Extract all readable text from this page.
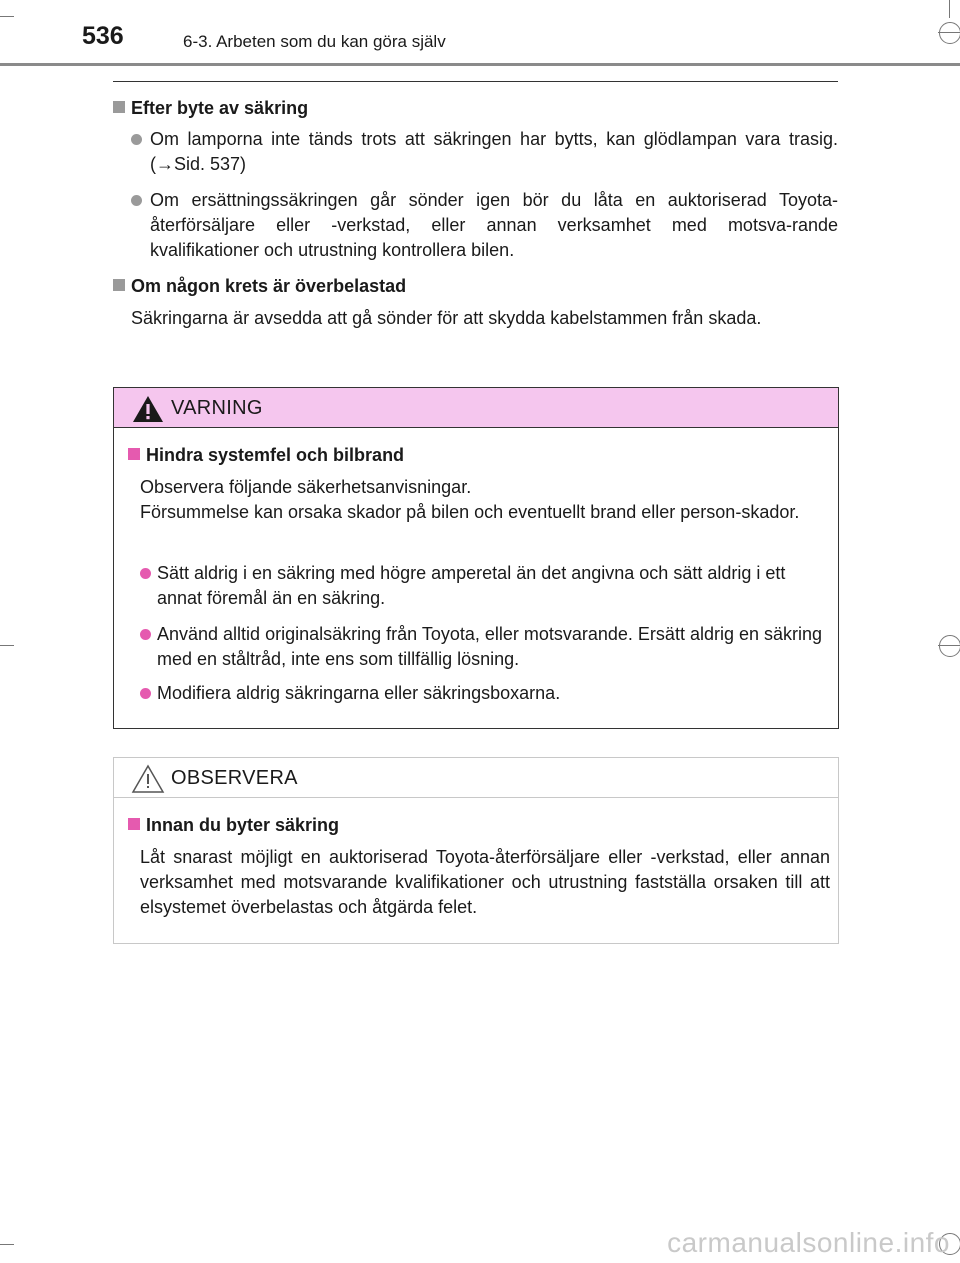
536	6-3. Arbeten som du kan göra själv
Efter byte av säkring
Om lamporna inte tänds trots att säkringen har bytts, kan glödlampan vara trasig. (→Sid. 537)
Om ersättningssäkringen går sönder igen bör du låta en auktoriserad Toyota-återförsäljare eller -verkstad, eller annan verksamhet med motsva-rande kvalifikationer och utrustning kontrollera bilen.
Om någon krets är överbelastad
Säkringarna är avsedda att gå sönder för att skydda kabelstammen från skada.
VARNING
Hindra systemfel och bilbrand
Observera följande säkerhetsanvisningar.
Försummelse kan orsaka skador på bilen och eventuellt brand eller person-skador.
Sätt aldrig i en säkring med högre amperetal än det angivna och sätt aldrig i ett annat föremål än en säkring.
Använd alltid originalsäkring från Toyota, eller motsvarande. Ersätt aldrig en säkring med en ståltråd, inte ens som tillfällig lösning.
Modifiera aldrig säkringarna eller säkringsboxarna.
OBSERVERA
Innan du byter säkring
Låt snarast möjligt en auktoriserad Toyota-återförsäljare eller -verkstad, eller annan verksamhet med motsvarande kvalifikationer och utrustning fastställa orsaken till att elsystemet överbelastas och åtgärda felet.
carmanualsonline.info
